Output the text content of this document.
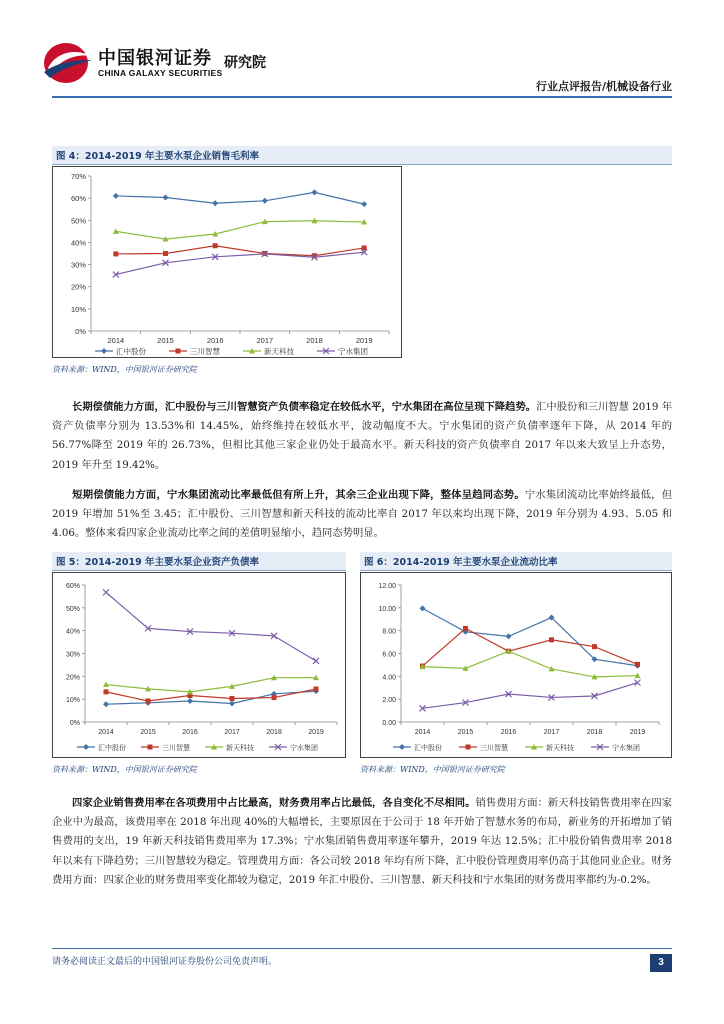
中国银河证券 研究院
CHINA GALAXY SECURITIES
行业点评报告/机械设备行业
图 4：2014-2019 年主要水泵企业销售毛利率
0%
10%
20%
30%
40%
50%
60%
70%
2014	2015	2016	2017	2018	2019
汇中股份	三川智慧	新天科技	宁水集团
资料来源：WIND，中国银河证券研究院
长期偿债能力方面，汇中股份与三川智慧资产负债率稳定在较低水平，宁水集团在高位呈现下降趋势。汇中股份和三川智慧 2019 年资产负债率分别为 13.53%和 14.45%，始终维持在较低水平，波动幅度不大。宁水集团的资产负债率逐年下降，从 2014 年的 56.77%降至 2019 年的 26.73%，但相比其他三家企业仍处于最高水平。新天科技的资产负债率自 2017 年以来大致呈上升态势，2019 年升至 19.42%。
短期偿债能力方面，宁水集团流动比率最低但有所上升，其余三企业出现下降，整体呈趋同态势。宁水集团流动比率始终最低，但 2019 年增加 51%至 3.45；汇中股份、三川智慧和新天科技的流动比率自 2017 年以来均出现下降，2019 年分别为 4.93、5.05 和 4.06。整体来看四家企业流动比率之间的差值明显缩小，趋同态势明显。
图 5：2014-2019 年主要水泵企业资产负债率
0%
10%
20%
30%
40%
50%
60%
2014	2015	2016	2017	2018	2019
汇中股份	三川智慧	新天科技	宁水集团
资料来源：WIND，中国银河证券研究院
图 6：2014-2019 年主要水泵企业流动比率
0.00
2.00
4.00
6.00
8.00
10.00
12.00
2014	2015	2016	2017	2018	2019
汇中股份	三川智慧	新天科技	宁水集团
资料来源：WIND，中国银河证券研究院
四家企业销售费用率在各项费用中占比最高，财务费用率占比最低，各自变化不尽相同。销售费用方面：新天科技销售费用率在四家企业中为最高，该费用率在 2018 年出现 40%的大幅增长，主要原因在于公司于 18 年开始了智慧水务的布局，新业务的开拓增加了销售费用的支出，19 年新天科技销售费用率为 17.3%；宁水集团销售费用率逐年攀升，2019 年达 12.5%；汇中股份销售费用率 2018 年以来有下降趋势；三川智慧较为稳定。管理费用方面：各公司较 2018 年均有所下降，汇中股份管理费用率仍高于其他同业企业。财务费用方面：四家企业的财务费用率变化都较为稳定，2019 年汇中股份、三川智慧、新天科技和宁水集团的财务费用率都约为-0.2%。
请务必阅读正文最后的中国银河证券股份公司免责声明。	3
